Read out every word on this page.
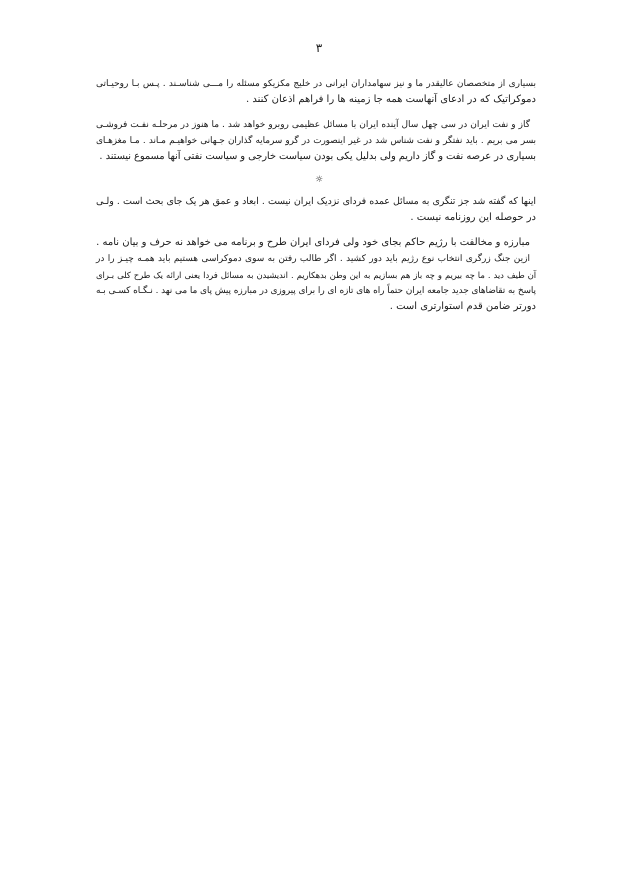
۳
بسیاری از متخصصان عالیقدر ما و نیز سهامداران ایرانی در خلیج مکزیکو مسئله را مـــی شناسـند . پـس بـا روحیـاتی
دموکراتیک که در ادعای آنهاست همه جا زمینه ها را فراهم اذعان کنند .
گاز و نفت ایران در سی چهل سال آینده ایران با مسائل عظیمی روبرو خواهد شد . ما هنوز در مرحلـه نفـت فروشـی
بسر می بریم . باید نفتگر و نفت شناس شد در غیر اینصورت در گرو سرمایه گذاران جـهانی خواهیـم مـاند . مـا مغزهـای
بسیاری در عرصه نفت و گاز داریم ولی بدلیل یکی بودن سیاست خارجی و سیاست نفتی آنها مسموع نیستند .
☼
اینها که گفته شد جز تنگری به مسائل عمده فردای نزدیک ایران نیست . ابعاد و عمق هر یک جای بحث است . ولـی
در حوصله این روزنامه نیست .
مبارزه و مخالفت با رژیم حاکم بجای خود ولی فردای ایران طرح و برنامه می خواهد نه حرف و بیان نامه .
ازین جنگ زرگری انتخاب نوع رژیم باید دور کشید . اگر طالب رفتن به سوی دموکراسی هستیم باید همـه چیـز را در
آن طیف دید . ما چه بیریم و چه باز هم بسازیم به این وطن بدهکاریم . اندیشیدن به مسائل فردا یعنی ارائه یک طرح کلی بـرای
پاسخ به تقاضاهای جدید جامعه ایران حتماً راه های تازه ای را برای پیروزی در مبارزه پیش پای ما می نهد . نـگـاه کسـی بـه
دورتر ضامن قدم استوارتری است .
